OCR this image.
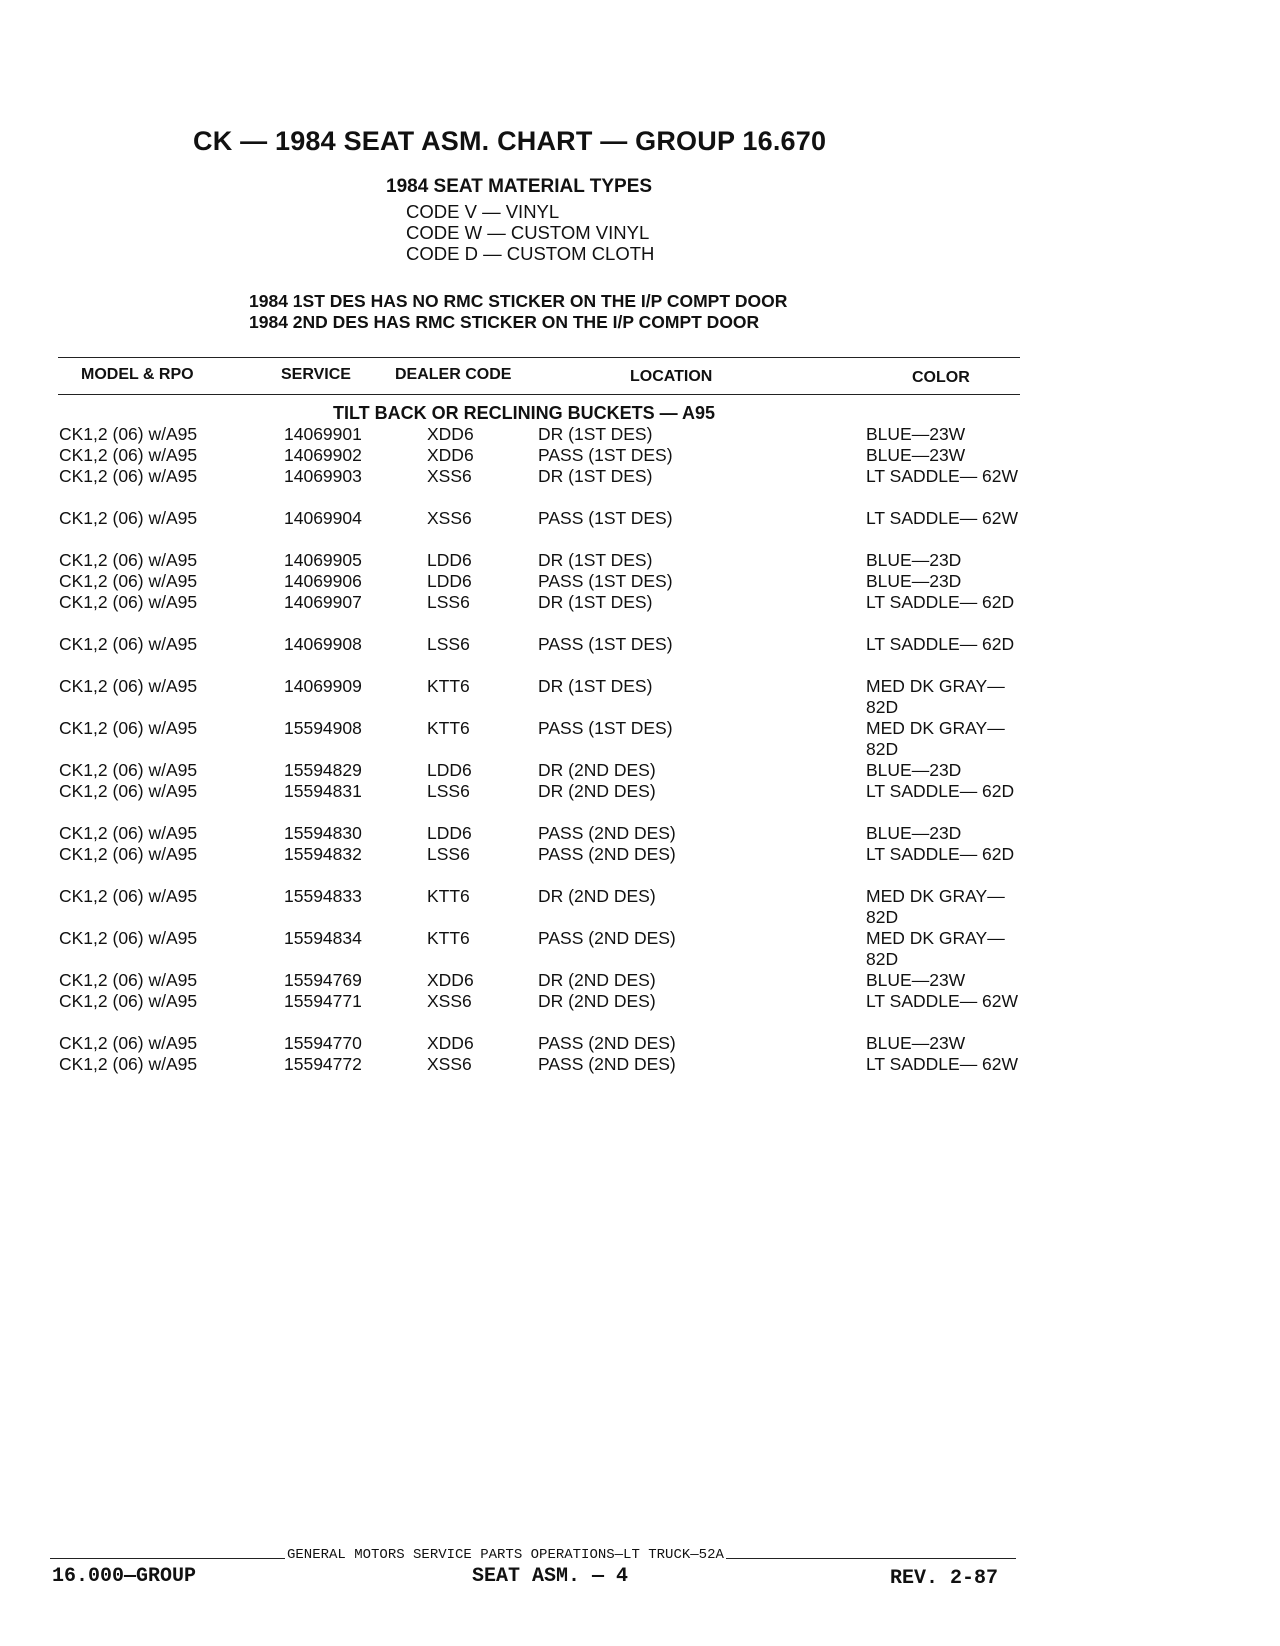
CK — 1984 SEAT ASM. CHART — GROUP 16.670
1984 SEAT MATERIAL TYPES
CODE V — VINYL
CODE W — CUSTOM VINYL
CODE D — CUSTOM CLOTH
1984 1ST DES HAS NO RMC STICKER ON THE I/P COMPT DOOR
1984 2ND DES HAS RMC STICKER ON THE I/P COMPT DOOR
MODEL & RPO	SERVICE	DEALER CODE	LOCATION	COLOR
TILT BACK OR RECLINING BUCKETS — A95
CK1,2 (06) w/A95	14069901	XDD6	DR (1ST DES)	BLUE—23W
CK1,2 (06) w/A95	14069902	XDD6	PASS (1ST DES)	BLUE—23W
CK1,2 (06) w/A95	14069903	XSS6	DR (1ST DES)	LT SADDLE— 62W
CK1,2 (06) w/A95	14069904	XSS6	PASS (1ST DES)	LT SADDLE— 62W
CK1,2 (06) w/A95	14069905	LDD6	DR (1ST DES)	BLUE—23D
CK1,2 (06) w/A95	14069906	LDD6	PASS (1ST DES)	BLUE—23D
CK1,2 (06) w/A95	14069907	LSS6	DR (1ST DES)	LT SADDLE— 62D
CK1,2 (06) w/A95	14069908	LSS6	PASS (1ST DES)	LT SADDLE— 62D
CK1,2 (06) w/A95	14069909	KTT6	DR (1ST DES)	MED DK GRAY— 82D
CK1,2 (06) w/A95	15594908	KTT6	PASS (1ST DES)	MED DK GRAY— 82D
CK1,2 (06) w/A95	15594829	LDD6	DR (2ND DES)	BLUE—23D
CK1,2 (06) w/A95	15594831	LSS6	DR (2ND DES)	LT SADDLE— 62D
CK1,2 (06) w/A95	15594830	LDD6	PASS (2ND DES)	BLUE—23D
CK1,2 (06) w/A95	15594832	LSS6	PASS (2ND DES)	LT SADDLE— 62D
CK1,2 (06) w/A95	15594833	KTT6	DR (2ND DES)	MED DK GRAY— 82D
CK1,2 (06) w/A95	15594834	KTT6	PASS (2ND DES)	MED DK GRAY— 82D
CK1,2 (06) w/A95	15594769	XDD6	DR (2ND DES)	BLUE—23W
CK1,2 (06) w/A95	15594771	XSS6	DR (2ND DES)	LT SADDLE— 62W
CK1,2 (06) w/A95	15594770	XDD6	PASS (2ND DES)	BLUE—23W
CK1,2 (06) w/A95	15594772	XSS6	PASS (2ND DES)	LT SADDLE— 62W
GENERAL MOTORS SERVICE PARTS OPERATIONS—LT TRUCK—52A
16.000—GROUP	SEAT ASM. — 4	REV. 2-87
